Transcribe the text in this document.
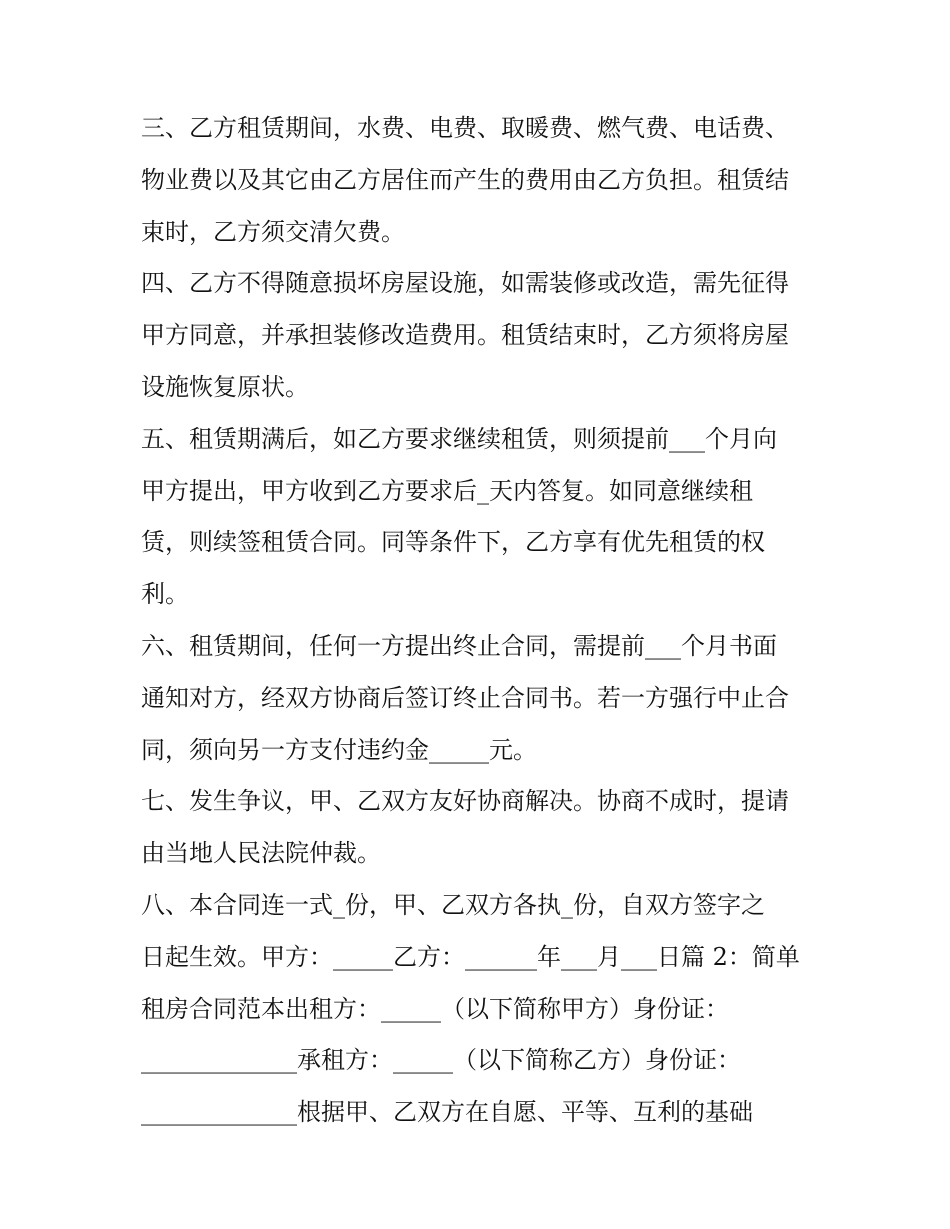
三、乙方租赁期间，水费、电费、取暖费、燃气费、电话费、
物业费以及其它由乙方居住而产生的费用由乙方负担。租赁结
束时，乙方须交清欠费。
四、乙方不得随意损坏房屋设施，如需装修或改造，需先征得
甲方同意，并承担装修改造费用。租赁结束时，乙方须将房屋
设施恢复原状。
五、租赁期满后，如乙方要求继续租赁，则须提前___个月向
甲方提出，甲方收到乙方要求后_天内答复。如同意继续租
赁，则续签租赁合同。同等条件下，乙方享有优先租赁的权
利。
六、租赁期间，任何一方提出终止合同，需提前___个月书面
通知对方，经双方协商后签订终止合同书。若一方强行中止合
同，须向另一方支付违约金_____元。
七、发生争议，甲、乙双方友好协商解决。协商不成时，提请
由当地人民法院仲裁。
八、本合同连一式_份，甲、乙双方各执_份，自双方签字之
日起生效。甲方：_____乙方：______年___月___日篇 2：简单
租房合同范本出租方：_____（以下简称甲方）身份证：
_____________承租方：_____（以下简称乙方）身份证：
_____________根据甲、乙双方在自愿、平等、互利的基础
